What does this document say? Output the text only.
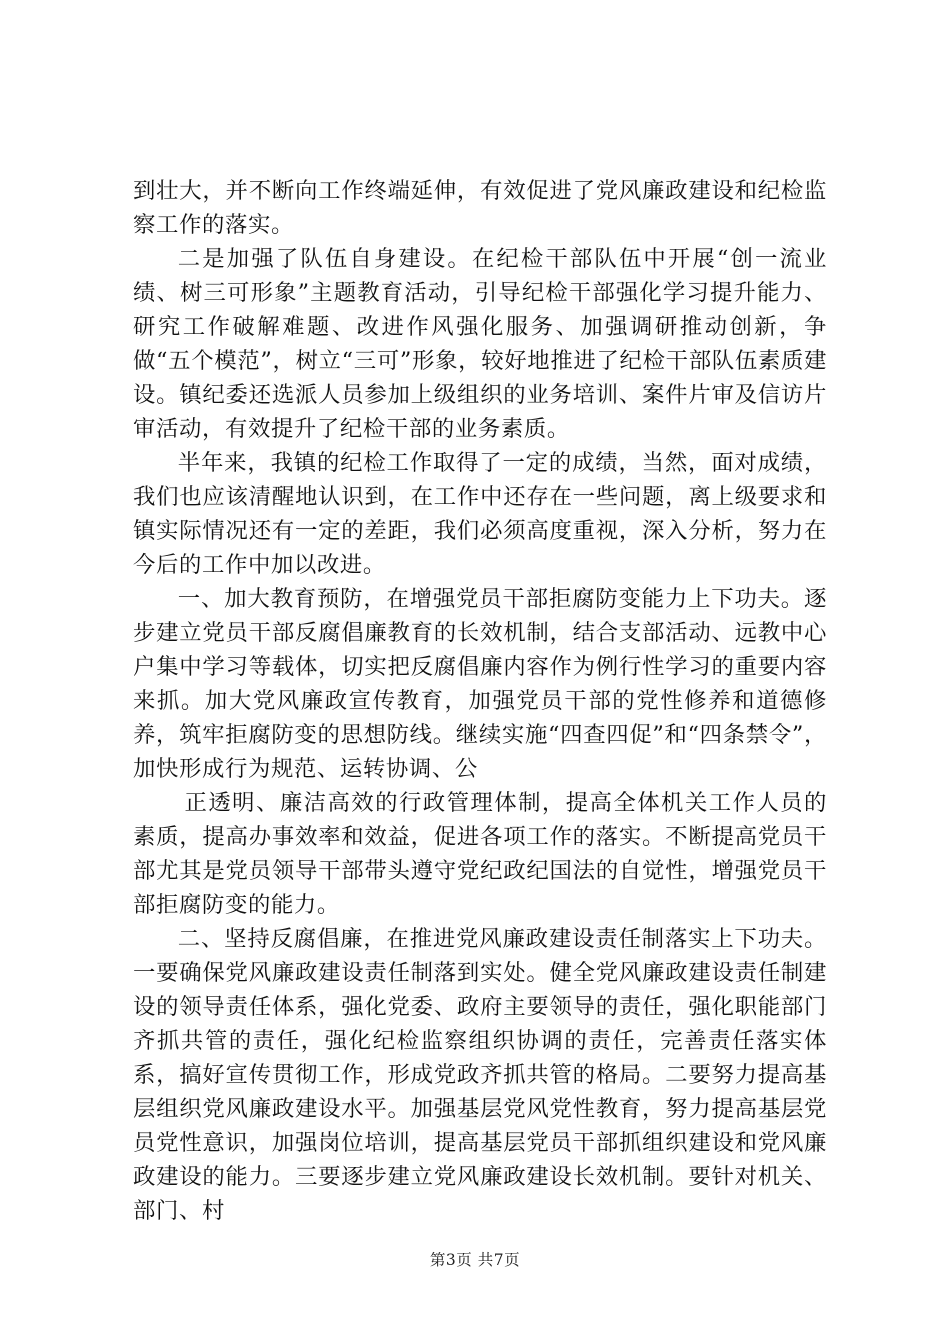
到壮大，并不断向工作终端延伸，有效促进了党风廉政建设和纪检监察工作的落实。

二是加强了队伍自身建设。在纪检干部队伍中开展“创一流业绩、树三可形象”主题教育活动，引导纪检干部强化学习提升能力、研究工作破解难题、改进作风强化服务、加强调研推动创新，争做“五个模范”，树立“三可”形象，较好地推进了纪检干部队伍素质建设。镇纪委还选派人员参加上级组织的业务培训、案件片审及信访片审活动，有效提升了纪检干部的业务素质。

半年来，我镇的纪检工作取得了一定的成绩，当然，面对成绩，我们也应该清醒地认识到，在工作中还存在一些问题，离上级要求和镇实际情况还有一定的差距，我们必须高度重视，深入分析，努力在今后的工作中加以改进。

一、加大教育预防，在增强党员干部拒腐防变能力上下功夫。逐步建立党员干部反腐倡廉教育的长效机制，结合支部活动、远教中心户集中学习等载体，切实把反腐倡廉内容作为例行性学习的重要内容来抓。加大党风廉政宣传教育，加强党员干部的党性修养和道德修养，筑牢拒腐防变的思想防线。继续实施“四查四促”和“四条禁令”，加快形成行为规范、运转协调、公

正透明、廉洁高效的行政管理体制，提高全体机关工作人员的素质，提高办事效率和效益，促进各项工作的落实。不断提高党员干部尤其是党员领导干部带头遵守党纪政纪国法的自觉性，增强党员干部拒腐防变的能力。

二、坚持反腐倡廉，在推进党风廉政建设责任制落实上下功夫。一要确保党风廉政建设责任制落到实处。健全党风廉政建设责任制建设的领导责任体系，强化党委、政府主要领导的责任，强化职能部门齐抓共管的责任，强化纪检监察组织协调的责任，完善责任落实体系，搞好宣传贯彻工作，形成党政齐抓共管的格局。二要努力提高基层组织党风廉政建设水平。加强基层党风党性教育，努力提高基层党员党性意识，加强岗位培训，提高基层党员干部抓组织建设和党风廉政建设的能力。三要逐步建立党风廉政建设长效机制。要针对机关、部门、村

第3页 共7页
